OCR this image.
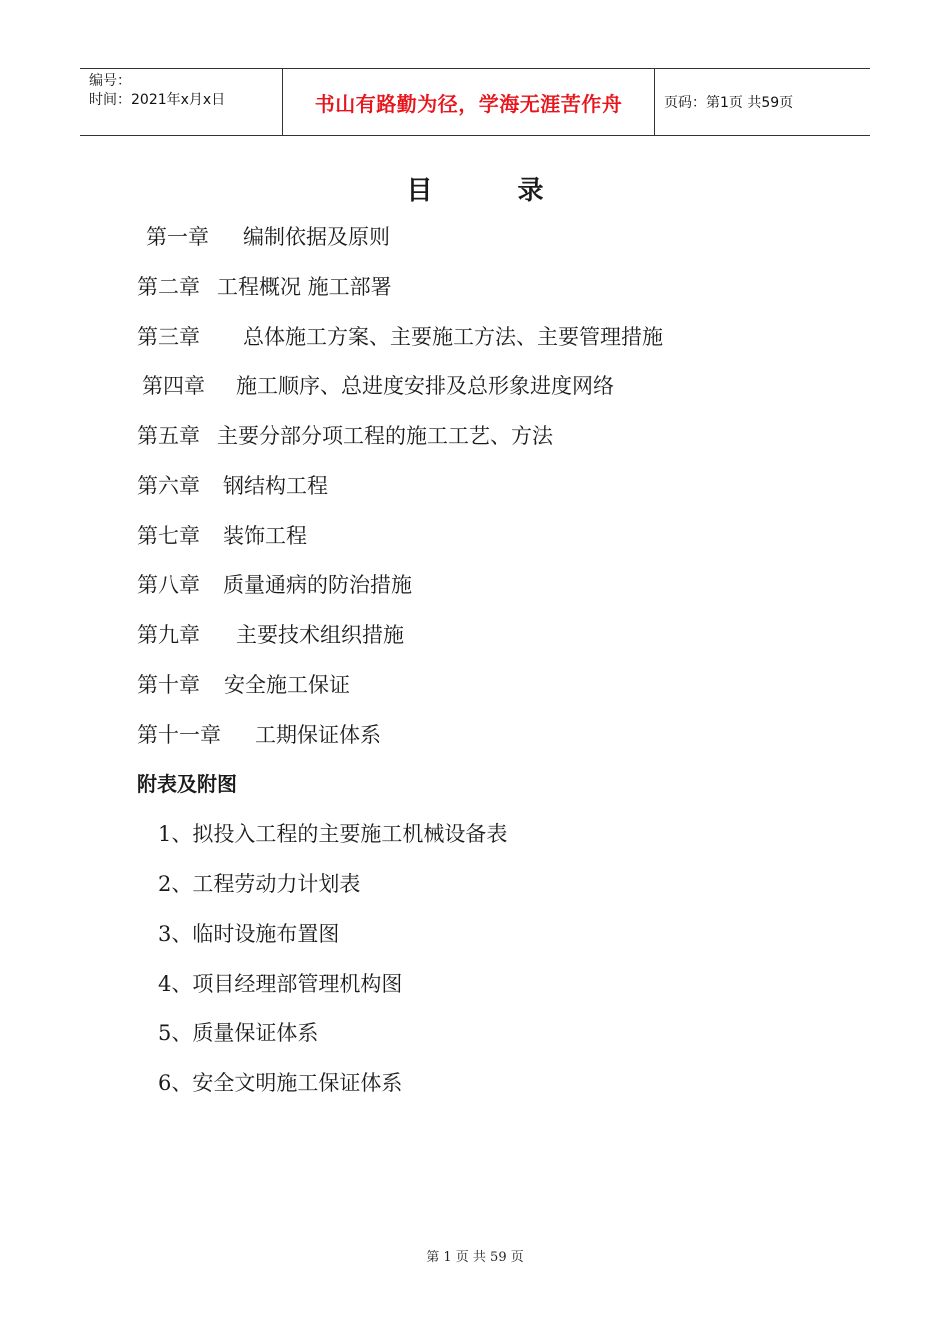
编号：
时间：2021年x月x日	书山有路勤为径，学海无涯苦作舟	页码：第1页 共59页
目 录
第一章 编制依据及原则
第二章 工程概况 施工部署
第三章 总体施工方案、主要施工方法、主要管理措施
第四章 施工顺序、总进度安排及总形象进度网络
第五章 主要分部分项工程的施工工艺、方法
第六章 钢结构工程
第七章 装饰工程
第八章 质量通病的防治措施
第九章 主要技术组织措施
第十章 安全施工保证
第十一章 工期保证体系
附表及附图
1、拟投入工程的主要施工机械设备表
2、工程劳动力计划表
3、临时设施布置图
4、项目经理部管理机构图
5、质量保证体系
6、安全文明施工保证体系
第 1 页 共 59 页
